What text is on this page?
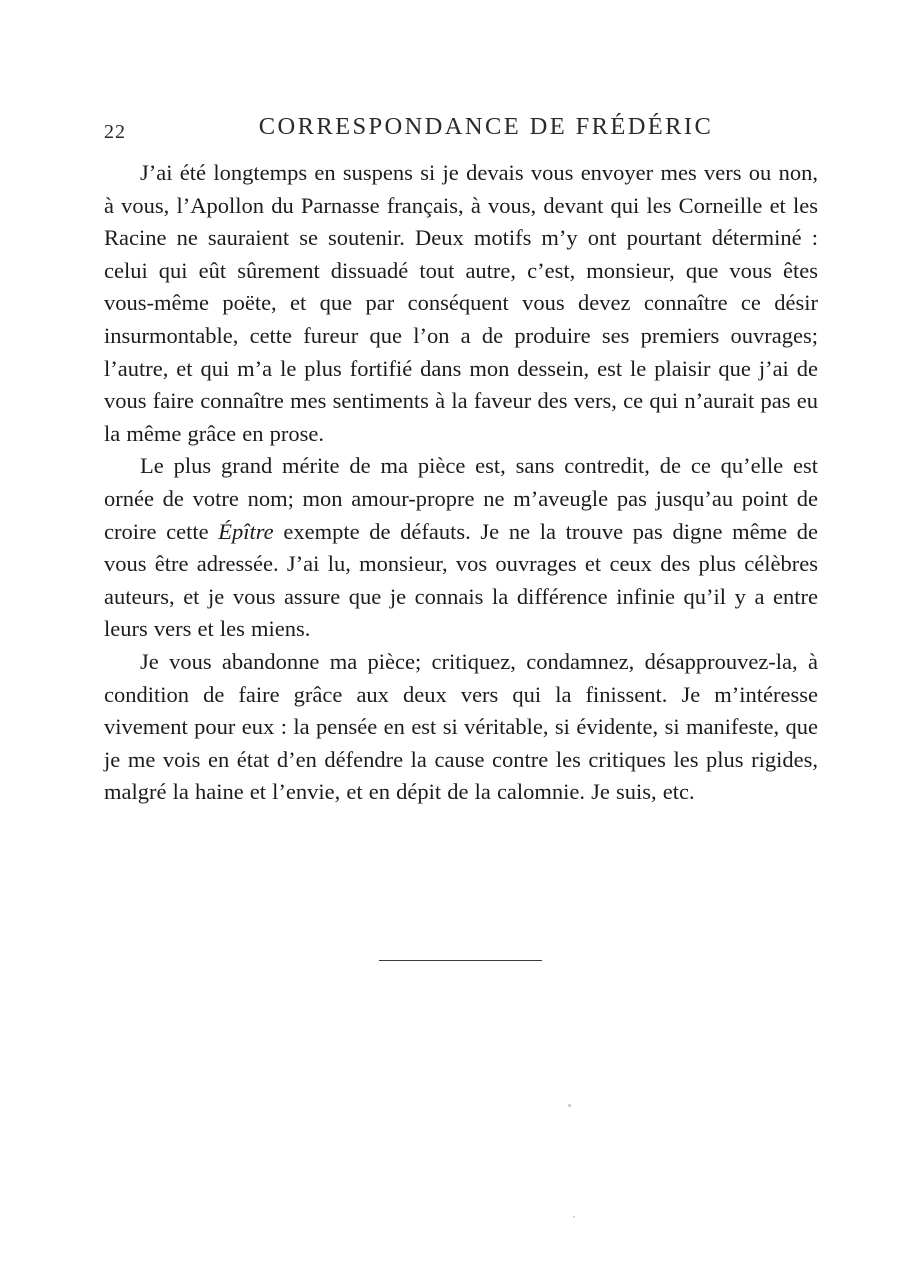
22	CORRESPONDANCE DE FRÉDÉRIC

J’ai été longtemps en suspens si je devais vous envoyer mes vers ou non, à vous, l’Apollon du Parnasse français, à vous, devant qui les Corneille et les Racine ne sauraient se soutenir. Deux motifs m’y ont pourtant déterminé : celui qui eût sûrement dissuadé tout autre, c’est, monsieur, que vous êtes vous-même poëte, et que par conséquent vous devez connaître ce désir insurmontable, cette fureur que l’on a de produire ses premiers ouvrages; l’autre, et qui m’a le plus fortifié dans mon dessein, est le plaisir que j’ai de vous faire connaître mes sentiments à la faveur des vers, ce qui n’aurait pas eu la même grâce en prose.

Le plus grand mérite de ma pièce est, sans contredit, de ce qu’elle est ornée de votre nom; mon amour-propre ne m’aveugle pas jusqu’au point de croire cette Épître exempte de défauts. Je ne la trouve pas digne même de vous être adressée. J’ai lu, monsieur, vos ouvrages et ceux des plus célèbres auteurs, et je vous assure que je connais la différence infinie qu’il y a entre leurs vers et les miens.

Je vous abandonne ma pièce; critiquez, condamnez, désapprouvez-la, à condition de faire grâce aux deux vers qui la finissent. Je m’intéresse vivement pour eux : la pensée en est si véritable, si évidente, si manifeste, que je me vois en état d’en défendre la cause contre les critiques les plus rigides, malgré la haine et l’envie, et en dépit de la calomnie. Je suis, etc.
